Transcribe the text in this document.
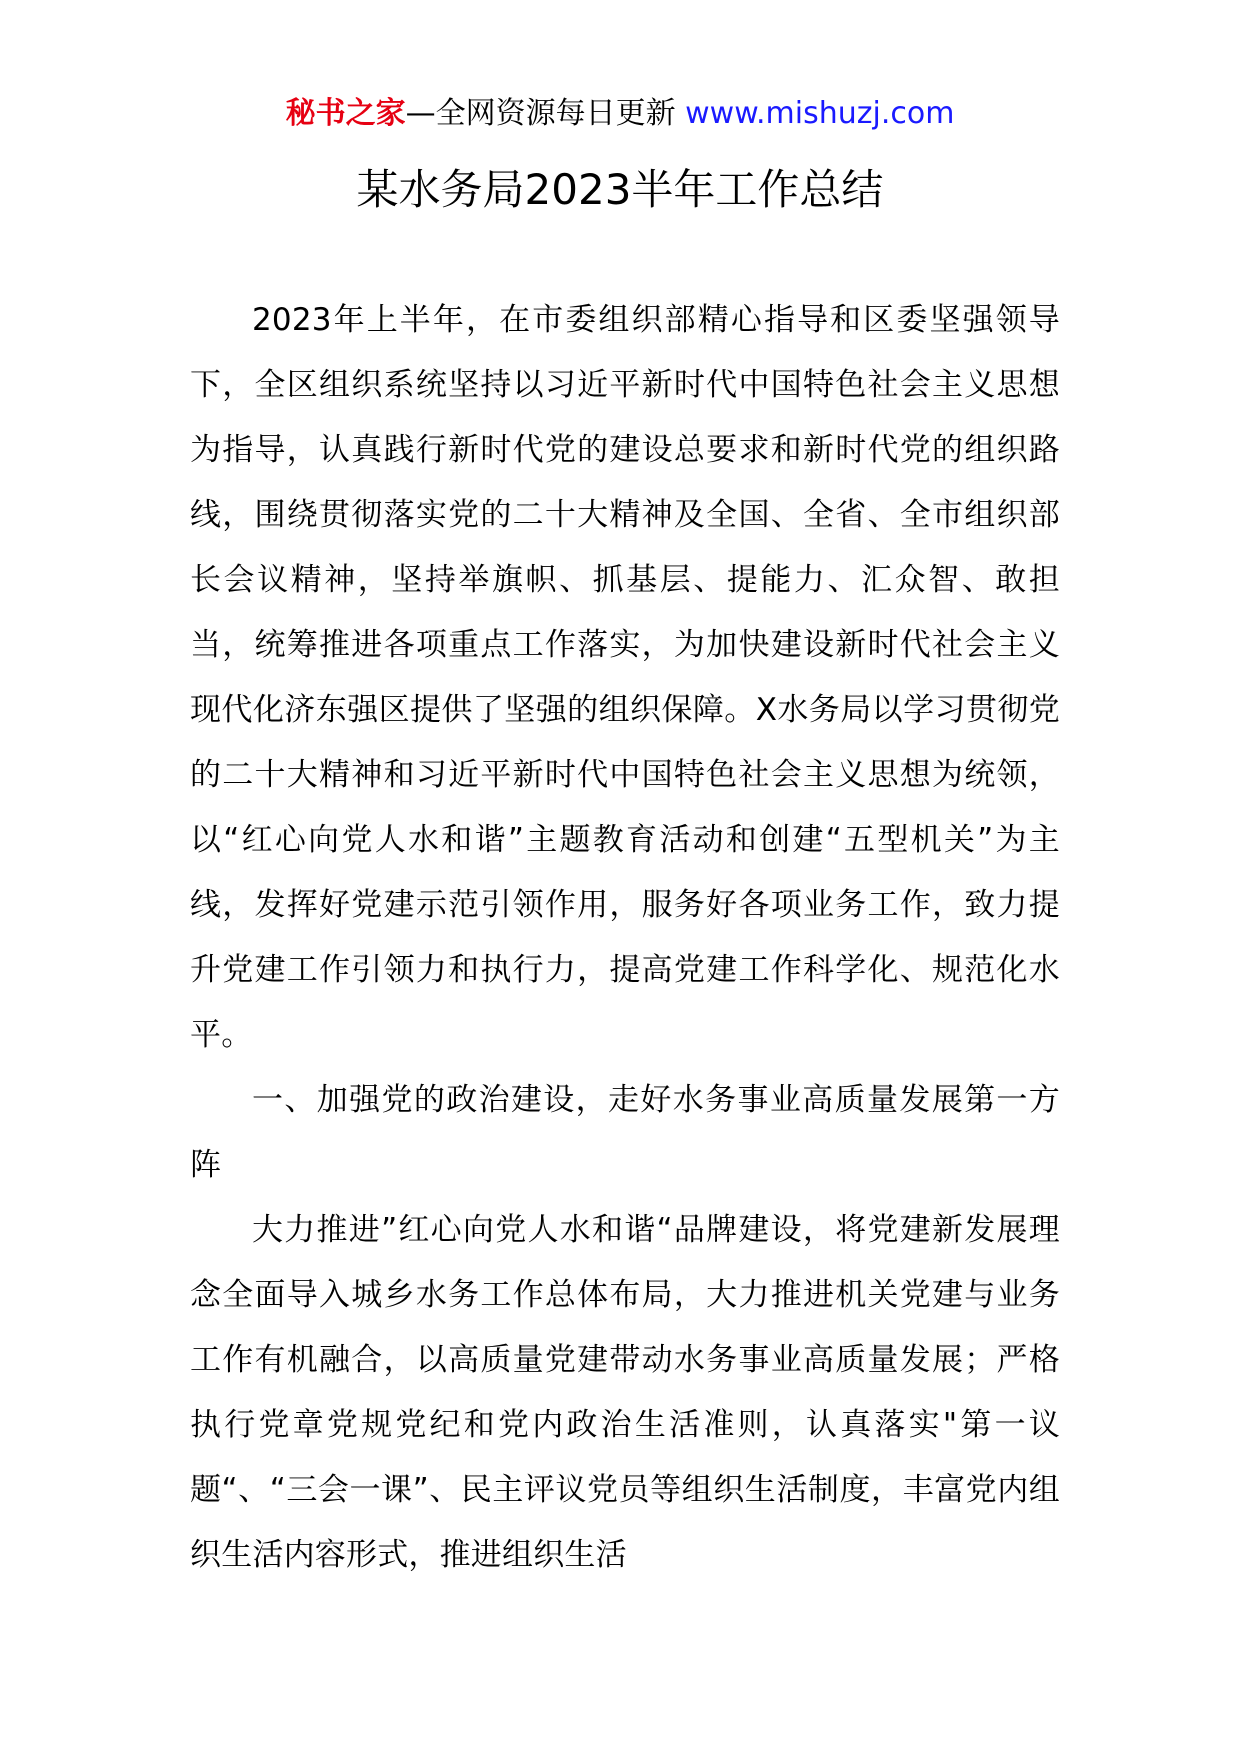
秘书之家—全网资源每日更新 www.mishuzj.com
某水务局2023半年工作总结

2023年上半年，在市委组织部精心指导和区委坚强领导下，全区组织系统坚持以习近平新时代中国特色社会主义思想为指导，认真践行新时代党的建设总要求和新时代党的组织路线，围绕贯彻落实党的二十大精神及全国、全省、全市组织部长会议精神，坚持举旗帜、抓基层、提能力、汇众智、敢担当，统筹推进各项重点工作落实，为加快建设新时代社会主义现代化济东强区提供了坚强的组织保障。X水务局以学习贯彻党的二十大精神和习近平新时代中国特色社会主义思想为统领，以“红心向党人水和谐”主题教育活动和创建“五型机关”为主线，发挥好党建示范引领作用，服务好各项业务工作，致力提升党建工作引领力和执行力，提高党建工作科学化、规范化水平。

一、加强党的政治建设，走好水务事业高质量发展第一方阵

大力推进”红心向党人水和谐“品牌建设，将党建新发展理念全面导入城乡水务工作总体布局，大力推进机关党建与业务工作有机融合，以高质量党建带动水务事业高质量发展；严格执行党章党规党纪和党内政治生活准则，认真落实"第一议题“、“三会一课”、民主评议党员等组织生活制度，丰富党内组织生活内容形式，推进组织生活
